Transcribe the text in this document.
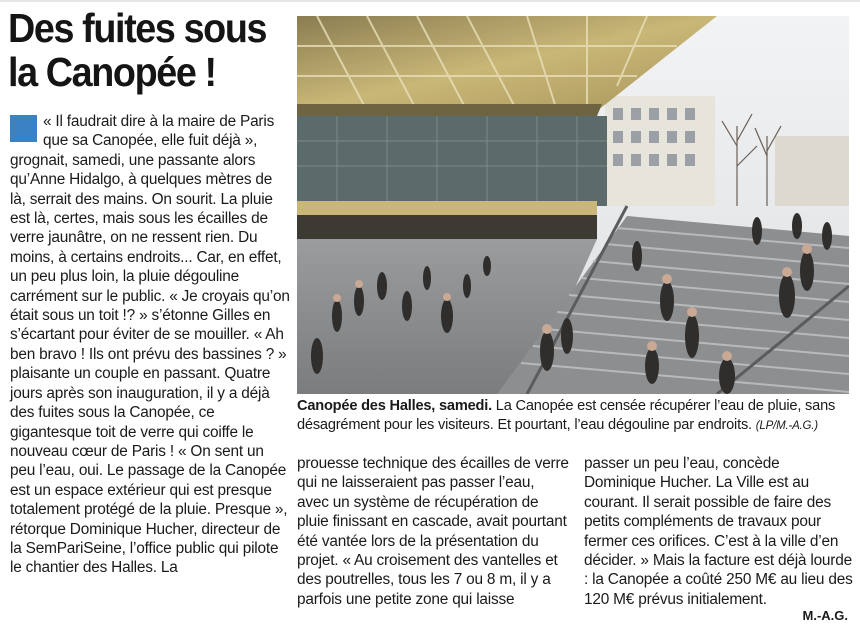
Des fuites sous la Canopée !

« Il faudrait dire à la maire de Paris que sa Canopée, elle fuit déjà », grognait, samedi, une passante alors qu’Anne Hidalgo, à quelques mètres de là, serrait des mains. On sourit. La pluie est là, certes, mais sous les écailles de verre jaunâtre, on ne ressent rien. Du moins, à certains endroits... Car, en effet, un peu plus loin, la pluie dégouline carrément sur le public. « Je croyais qu’on était sous un toit !? » s’étonne Gilles en s’écartant pour éviter de se mouiller. « Ah ben bravo ! Ils ont prévu des bassines ? » plaisante un couple en passant. Quatre jours après son inauguration, il y a déjà des fuites sous la Canopée, ce gigantesque toit de verre qui coiffe le nouveau cœur de Paris ! « On sent un peu l’eau, oui. Le passage de la Canopée est un espace extérieur qui est presque totalement protégé de la pluie. Presque », rétorque Dominique Hucher, directeur de la SemPariSeine, l’office public qui pilote le chantier des Halles. La

Canopée des Halles, samedi. La Canopée est censée récupérer l’eau de pluie, sans désagrément pour les visiteurs. Et pourtant, l’eau dégouline par endroits. (LP/M.-A.G.)

prouesse technique des écailles de verre qui ne laisseraient pas passer l’eau, avec un système de récupération de pluie finissant en cascade, avait pourtant été vantée lors de la présentation du projet. « Au croisement des vantelles et des poutrelles, tous les 7 ou 8 m, il y a parfois une petite zone qui laisse

passer un peu l’eau, concède Dominique Hucher. La Ville est au courant. Il serait possible de faire des petits compléments de travaux pour fermer ces orifices. C’est à la ville d’en décider. » Mais la facture est déjà lourde : la Canopée a coûté 250 M€ au lieu des 120 M€ prévus initialement.

M.-A.G.
